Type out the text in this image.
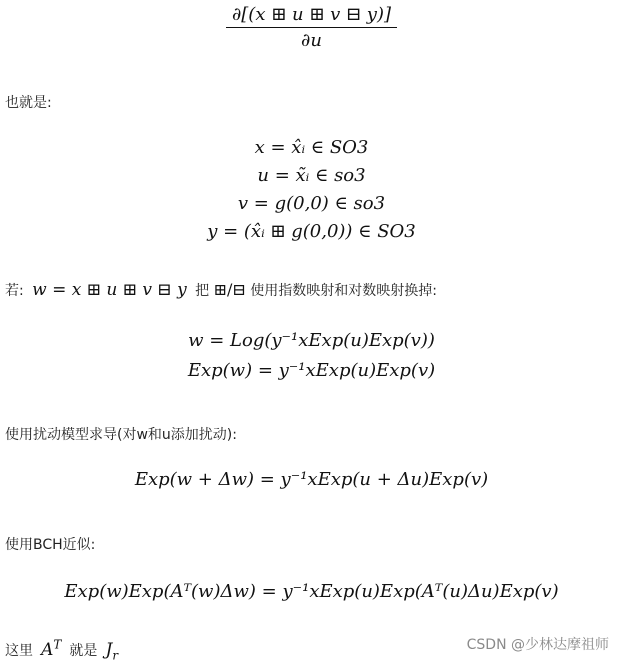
$\frac{\partial[(x ⊞ u ⊞ v ⊟ y)]}{\partial u}$
也就是:
x = x̂ᵢ ∈ SO3
u = x̃ᵢ ∈ so3
v = g(0,0) ∈ so3
y = (x̂ᵢ ⊞ g(0,0)) ∈ SO3
若: w = x ⊞ u ⊞ v ⊟ y 把 ⊞/⊟ 使用指数映射和对数映射换掉:
w = Log(y⁻¹xExp(u)Exp(v))
Exp(w) = y⁻¹xExp(u)Exp(v)
使用扰动模型求导(对w和u添加扰动):
Exp(w + Δw) = y⁻¹xExp(u + Δu)Exp(v)
使用BCH近似:
Exp(w)Exp(Aᵀ(w)Δw) = y⁻¹xExp(u)Exp(Aᵀ(u)Δu)Exp(v)
这里 $A^T$ 就是 $J_r$
CSDN @少林达摩祖师
